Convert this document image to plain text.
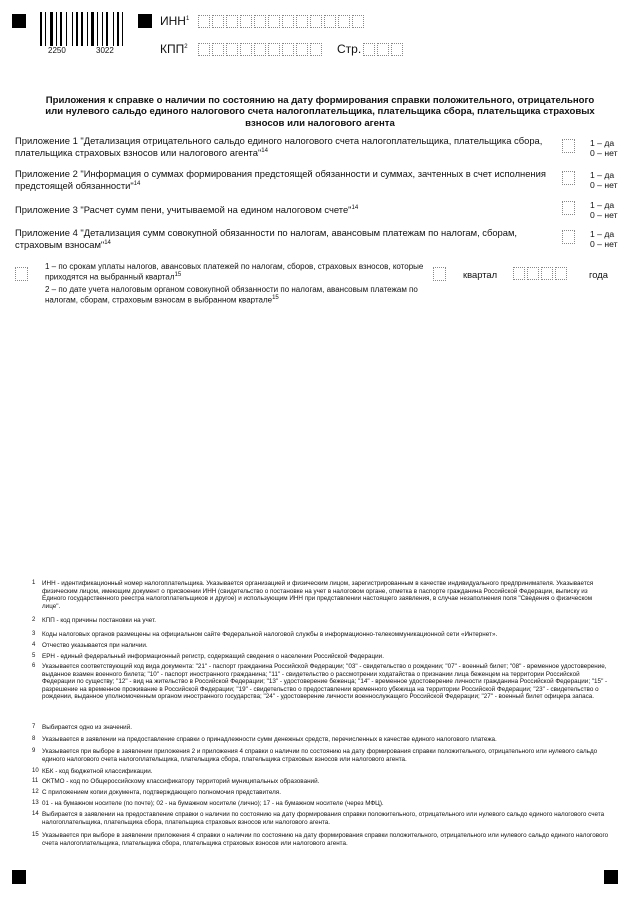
2250	3022
ИНН$^1$
КПП$^2$	Стр.
Приложения к справке о наличии по состоянию на дату формирования справки положительного, отрицательного или нулевого сальдо единого налогового счета налогоплательщика, плательщика сбора, плательщика страховых взносов или налогового агента
Приложение 1 "Детализация отрицательного сальдо единого налогового счета налогоплательщика, плательщика сбора, плательщика страховых взносов или налогового агента"$^{14}$
1 – да
0 – нет
Приложение 2 "Информация о суммах формирования предстоящей обязанности и суммах, зачтенных в счет исполнения предстоящей обязанности"$^{14}$
1 – да
0 – нет
Приложение 3 "Расчет сумм пени, учитываемой на едином налоговом счете"$^{14}$	1 – да
0 – нет
Приложение 4 "Детализация сумм совокупной обязанности по налогам, авансовым платежам по налогам, сборам, страховым взносам"$^{14}$
1 – да
0 – нет
1 – по срокам уплаты налогов, авансовых платежей по налогам, сборов, страховых взносов, которые приходятся на выбранный квартал$^{15}$
2 – по дате учета налоговым органом совокупной обязанности по налогам, авансовым платежам по налогам, сборам, страховым взносам в выбранном квартале$^{15}$
квартал	года
1 ИНН - идентификационный номер налогоплательщика. Указывается организацией и физическим лицом, зарегистрированным в качестве индивидуального предпринимателя. Указывается физическим лицом, имеющим документ о присвоении ИНН (свидетельство о постановке на учет в налоговом органе, отметка в паспорте гражданина Российской Федерации, выписку из Единого государственного реестра налогоплательщиков и другое) и использующим ИНН при представлении настоящего заявления, в случае незаполнения поля "Сведения о физическом лице".
2 КПП - код причины постановки на учет.
3 Коды налоговых органов размещены на официальном сайте Федеральной налоговой службы в информационно-телекоммуникационной сети «Интернет».
4 Отчество указывается при наличии.
5 ЕРН - единый федеральный информационный регистр, содержащий сведения о населении Российской Федерации.
6 Указывается соответствующий код вида документа: "21" - паспорт гражданина Российской Федерации; "03" - свидетельство о рождении; "07" - военный билет; "08" - временное удостоверение, выданное взамен военного билета; "10" - паспорт иностранного гражданина; "11" - свидетельство о рассмотрении ходатайства о признании лица беженцем на территории Российской Федерации по существу; "12" - вид на жительство в Российской Федерации; "13" - удостоверение беженца; "14" - временное удостоверение личности гражданина Российской Федерации; "15" - разрешение на временное проживание в Российской Федерации; "19" - свидетельство о предоставлении временного убежища на территории Российской Федерации; "23" - свидетельство о рождении, выданное уполномоченным органом иностранного государства; "24" - удостоверение личности военнослужащего Российской Федерации; "27" - военный билет офицера запаса.
7 Выбирается одно из значений.
8 Указывается в заявлении на предоставление справки о принадлежности сумм денежных средств, перечисленных в качестве единого налогового платежа.
9 Указывается при выборе в заявлении приложения 2 и приложения 4 справки о наличии по состоянию на дату формирования справки положительного, отрицательного или нулевого сальдо единого налогового счета налогоплательщика, плательщика сбора, плательщика страховых взносов или налогового агента.
10 КБК - код бюджетной классификации.
11 ОКТМО - код по Общероссийскому классификатору территорий муниципальных образований.
12 С приложением копии документа, подтверждающего полномочия представителя.
13 01 - на бумажном носителе (по почте); 02 - на бумажном носителе (лично); 17 - на бумажном носителе (через МФЦ).
14 Выбирается в заявлении на предоставление справки о наличии по состоянию на дату формирования справки положительного, отрицательного или нулевого сальдо единого налогового счета налогоплательщика, плательщика сбора, плательщика страховых взносов или налогового агента.
15 Указывается при выборе в заявлении приложения 4 справки о наличии по состоянию на дату формирования справки положительного, отрицательного или нулевого сальдо единого налогового счета налогоплательщика, плательщика сбора, плательщика страховых взносов или налогового агента.
